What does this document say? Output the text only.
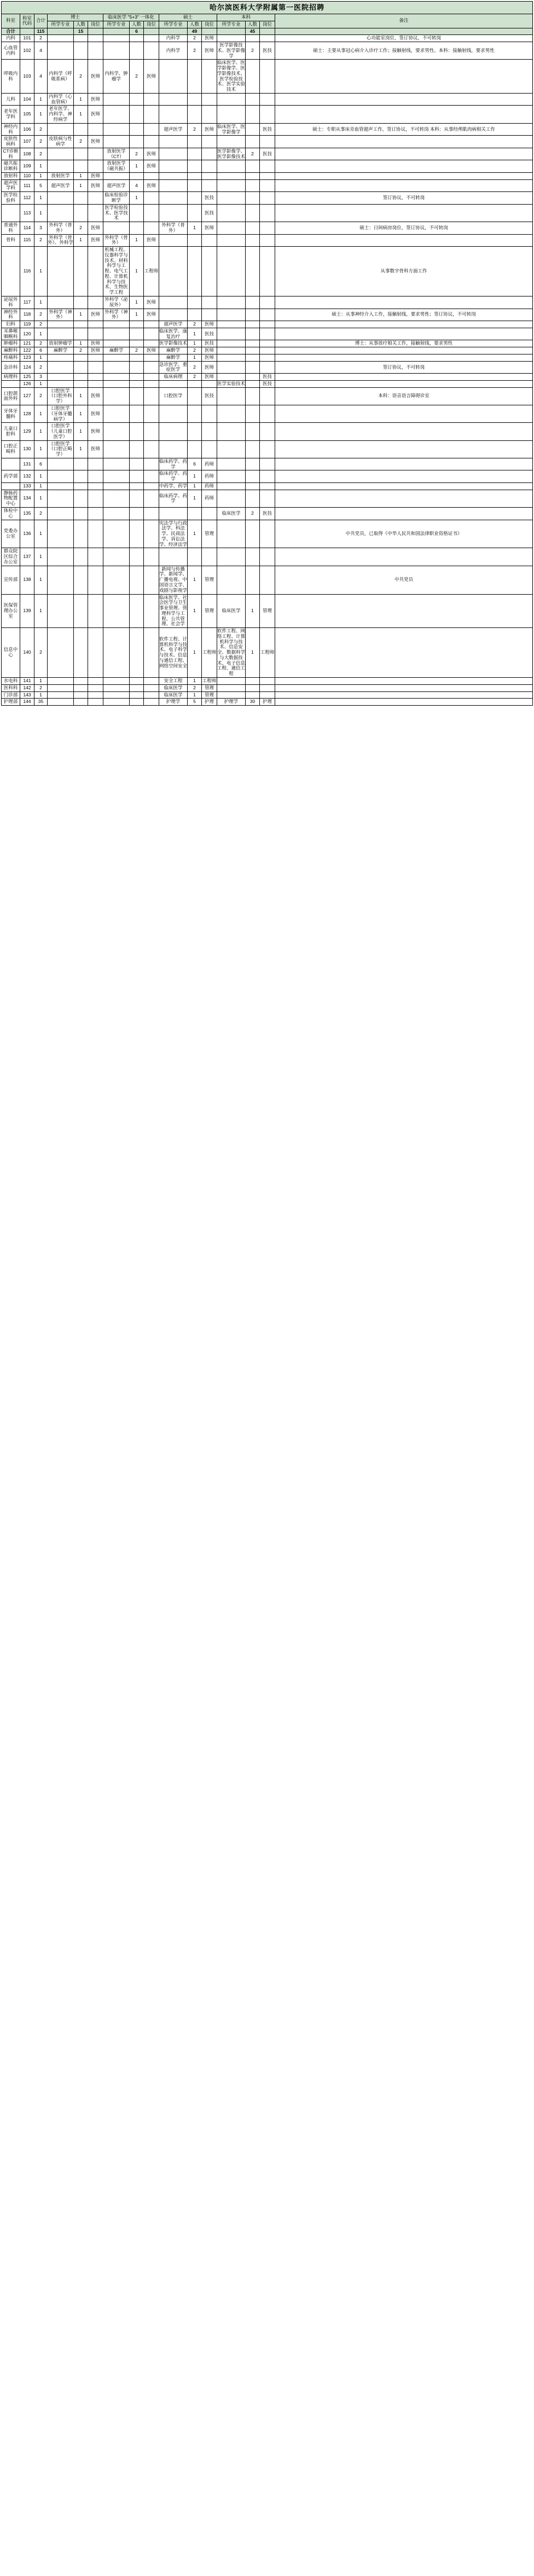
哈尔滨医科大学附属第一医院招聘															
科室	科室代码	合计	博士			临床医学 "5+3" 一体化			硕士			本科			备注
			所学专业	人数	岗位	所学专业	人数	岗位	所学专业	人数	岗位	所学专业	人数	岗位	
合计		115		15			6			49			45		
内科	101	2							内科学	2	医师				心功能室岗位，签订协议，不可转岗
心血管内科	102	4							内科学	2	医师	医学影像技术、医学影像学	2	医技	硕士：主要从事冠心病介入诊疗工作；接触射线，要求男性。本科：接触射线，要求男性
呼吸内科	103	4	内科学（呼吸系病）	2	医师	内科学、肿瘤学	2	医师				临床医学、医学影像学、医学影像技术、医学检验技术、医学实验技术			
儿科	104	1	内科学（心血管病）	1	医师										
老年医学科	105	1	老年医学、内科学、神经病学	1	医师										
神经内科	106	2							超声医学	2	医师	临床医学、医学影像学		医技	硕士：专职从事床旁血管超声工作，签订协议，不可转岗 本科：从事经颅肌肉病相关工作
皮肤性病科	107	2	皮肤病与性病学	2	医师										
CT诊断科	108	2				放射医学（CT）	2	医师				医学影像学、医学影像技术	2	医技	
磁共振诊断科	109	1				放射医学（磁共振）	1	医师							
放射科	110	1	放射医学	1	医师										
超声医学科	111	5	超声医学	1	医师	超声医学	4	医师							
医学检验科	112	1				临床检验诊断学	1				医技				签订协议，不可转岗
	113	1				医学检验技术、医学技术					医技				
普通外科	114	3	外科学（普外）	2	医师				外科学（普外）	1	医师				硕士：日间病房岗位，签订协议，不可转岗
骨科	115	2	外科学（骨外）、外科学	1	医师	外科学（骨外）	1	医师							
	116	1				机械工程、仪器科学与技术、材料科学与工程、电气工程、计算机科学与技术、生物医学工程	1	工程师							从事数字骨科方面工作
泌尿外科	117	1				外科学（泌尿外）	1	医师							
神经外科	118	2	外科学（神外）	1	医师	外科学（神外）	1	医师							硕士：从事神经介入工作，接触射线，要求男性；签订协议，不可转岗
妇科	119	2							超声医学	2	医师				
耳鼻喉咽喉科	120	1							临床医学、康复治疗	1	医技				
肿瘤科	121	2	放射肿瘤学	1	医师				医学影像技术	1	医技				博士：从事放疗相关工作，接触射线，要求男性
麻醉科	122	6	麻醉学	2	医师	麻醉学	2	医师	麻醉学	2	医师				
疼痛科	123	1							麻醉学	1	医师				
急诊科	124	2							急诊医学、重症医学	2	医师				签订协议，不可转岗
病理科	125	3							临床病理	2	医师			医技	
	126	1										医学实验技术		医技	
口腔颌面外科	127	2	口腔医学（口腔外科学）	1	医师				口腔医学		医技				本科：语音语言障碍诊室
牙体牙髓科	128	1	口腔医学（牙体牙髓病学）	1	医师										
儿童口腔科	129	1	口腔医学（儿童口腔医学）	1	医师										
口腔正畸科	130	1	口腔医学（口腔正畸学）	1	医师										
	131	6							临床药学、药学	6	药师				
药学部	132	1							临床药学、药学	1	药师				
	133	1							中药学、药学	1	药师				
静脉药物配置中心	134	1							临床药学、药学	1	药师				
体检中心	135	2										临床医学	2	医技	
党委办公室	136	1							宪法学与行政法学、科法学、民商法学、诉讼法学、经济法学	1	管理				中共党员，已取得《中华人民共和国法律职业资格证书》
群众院区综合办公室	137	1													
宣传部	138	1							新闻与传播学、新闻学、广播电视、中国语言文学、戏剧与影视学	1	管理				中共党员
医保管理办公室	139	1							临床医学、社会医学与卫生事业管理、管理科学与工程、公共管理、社会学	1	管理	临床医学	1	管理	
信息中心	140	2							软件工程、计算机科学与技术、电子科学与技术、信息与通信工程、网络空间安全	1	工程师	软件工程、网络工程、计算机科学与技术、信息安全、数据科学与大数据技术、电子信息工程、通信工程	1	工程师	
水电科	141	1							安全工程	1	工程师				
医科科	142	2							临床医学	2	管理				
门诊部	143	1							临床医学	1	管理				
护理部	144	35							护理学	5	护理	护理学	30	护理	
